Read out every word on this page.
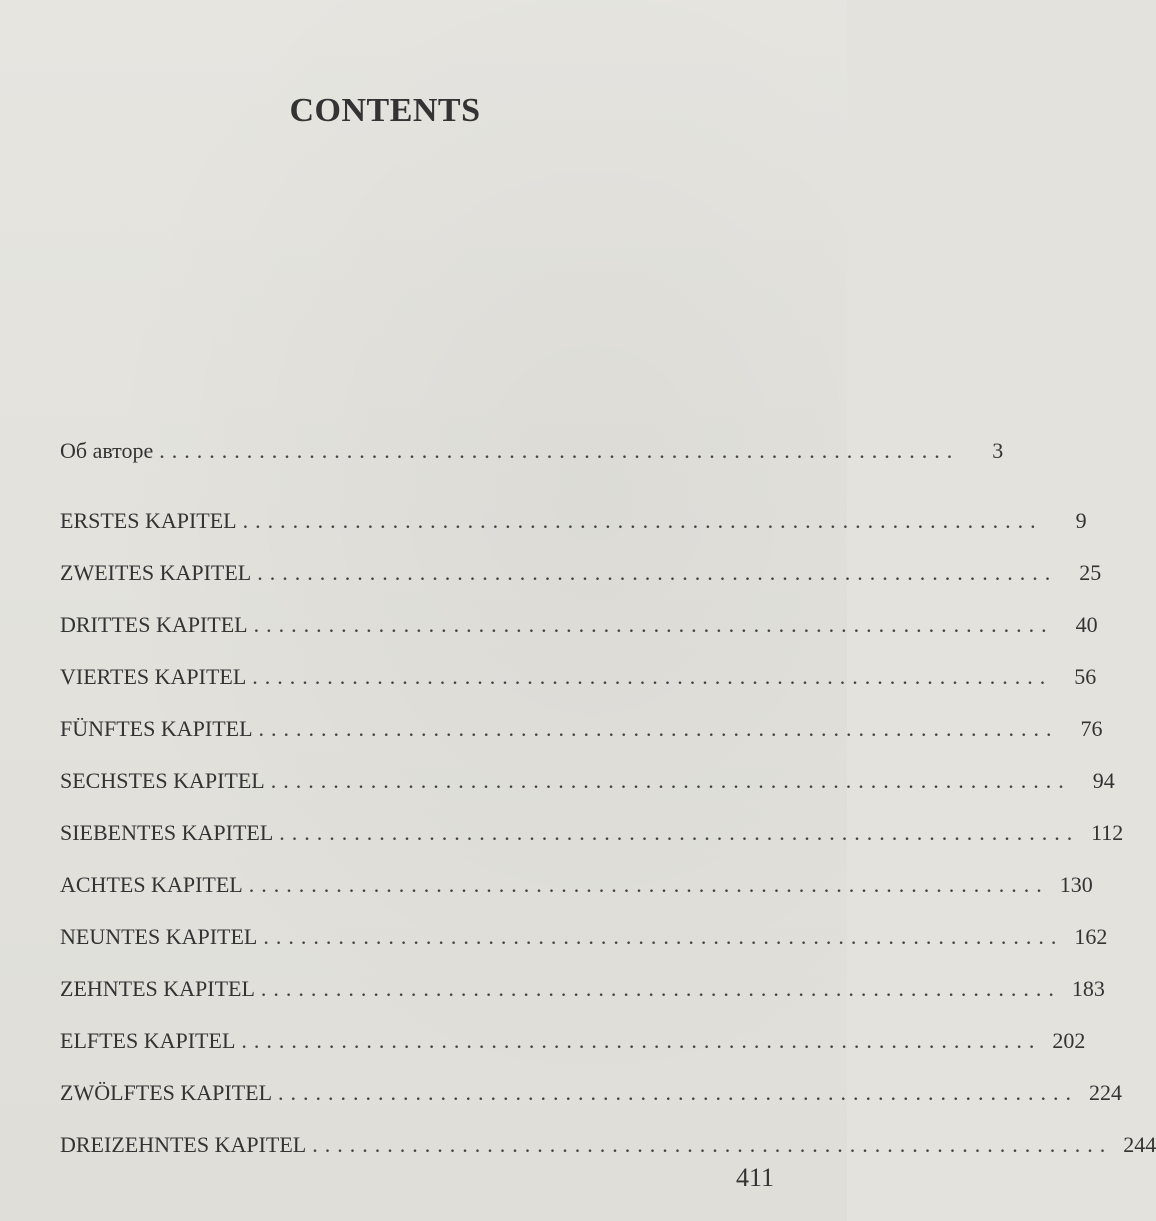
CONTENTS
Об авторе ................................................................	3
ERSTES KAPITEL ................................................................	9
ZWEITES KAPITEL ................................................................	25
DRITTES KAPITEL ................................................................	40
VIERTES KAPITEL ................................................................	56
FÜNFTES KAPITEL ................................................................	76
SECHSTES KAPITEL ................................................................	94
SIEBENTES KAPITEL ................................................................ 112
ACHTES KAPITEL ................................................................ 130
NEUNTES KAPITEL ................................................................ 162
ZEHNTES KAPITEL ................................................................ 183
ELFTES KAPITEL ................................................................ 202
ZWÖLFTES KAPITEL ................................................................ 224
DREIZEHNTES KAPITEL ................................................................ 244
411
